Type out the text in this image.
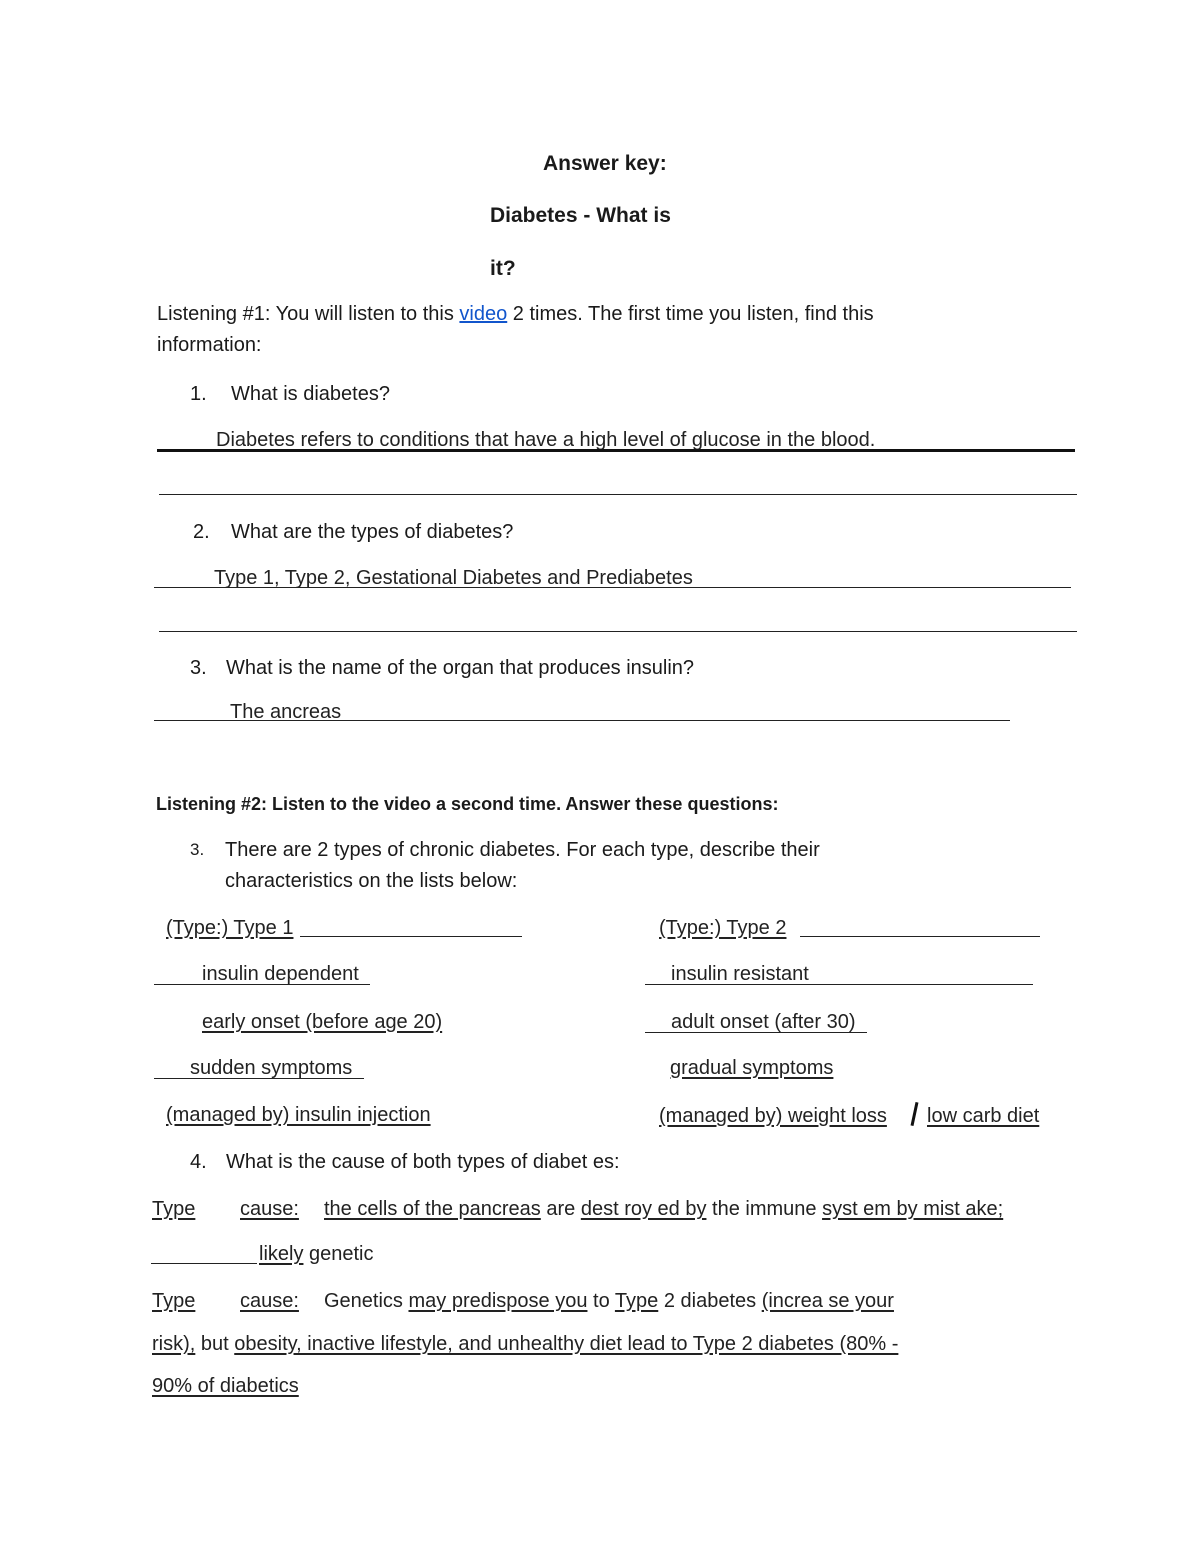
Answer key:
Diabetes - What is
it?
Listening #1: You will listen to this video 2 times. The first time you listen, find this
information:
1. What is diabetes?
Diabetes refers to conditions that have a high level of glucose in the blood.
2. What are the types of diabetes?
Type 1, Type 2, Gestational Diabetes and Prediabetes
3. What is the name of the organ that produces insulin?
The ancreas
Listening #2: Listen to the video a second time. Answer these questions:
3. There are 2 types of chronic diabetes. For each type, describe their
characteristics on the lists below:
(Type:) Type 1
insulin dependent
early onset (before age 20)
sudden symptoms
(managed by) insulin injection
(Type:) Type 2
insulin resistant
adult onset (after 30)
gradual symptoms
(managed by) weight loss low carb diet
4. What is the cause of both types of diabet es:
Type cause: the cells of the pancreas are dest roy ed by the immune syst em by mist ake;
likely genetic
Type cause: Genetics may predispose you to Type 2 diabetes (increa se your
risk), but obesity, inactive lifestyle, and unhealthy diet lead to Type 2 diabetes (80% -
90% of diabetics
